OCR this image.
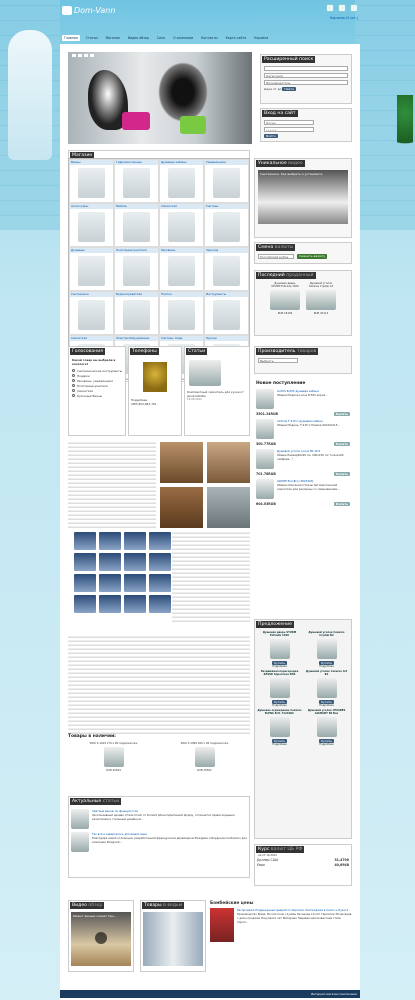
Dom-Vann
Корзина (0 шт.)
Главная	Статьи	Магазин	Видео обзор	Сила	О компании	Контакты	Карта сайта	Корзина
Расширенный поиск
Категория
Производитель
Цена от до Найти
Вход на сайт
Логин
••••••
Войти
Магазин
Ванны	Гидромассажные	Душевые кабины	Умывальники
Аксессуары	Мебель	Смесители	Унитазы
Душевые	Полотенцесушители	Раковины	Зеркала
Сантехника	Водонагреватели	Плитка	Инструменты
Смесители	Электрооборудование	Унитазы, биде	Прочее
Уникальное видео
Сантехника. Как выбрать и установить
Смена валюты
Российский рубль	Сменить валюту
Последний проданный
Душевая дверь STURM Entrada 1400
RUB 18169
Душевой уголок Cezares Crystal A3
RUB 45113
Голосования
Какой товар вы выбрали в каталоге?
Сантехнические инструменты
Подарки
Раковины, умывальники
Полотенцесушители
Смесители
Кухонные Ванны
Телефоны
Подробнее
(987)452-843-761
Статьи
Комплектный смеситель для кухни от Jacob Delafon
19.09.2012
Производитель товаров
Выбрать
Новое поступление
LUXUS B-505 душевая кабина
Общие Модель:Luxus B-505 акрил...
3501.24RUB	Купить
Victoria F-215 С душевая кабина
Общие Модель: F-215 С Размер 90x90x215...
300.77RUB	Купить
Душевой уголок Luxus 85-10 б
Общие Размер90x90 см, 200x150 см "Luxus190 сейфера..."
701.78RUB	Купить
GROHE EuroEco (3623390)
Общие Описание:Отказы Автоматический смеситель для раковины со смешиванием...
604.03RUB	Купить
Предложение
Душевая дверь STURM Entrada 1400
Купить
Подробнее
Душевой уголок Cezares Crystal B2
Купить
Подробнее
Раздвижная перегородка RAVAK Supernova DSS
Купить
Подробнее
Душевой уголок Cezares Art B2
Купить
Подробнее
Душевое ограждение Cezares ELENA B-TL 7221SDC
Купить
Подробнее
Душевой уголок CEZARES GIAMANT 80 Box
Купить
Подробнее
Товары в наличии:
SWO Х-1919 170 x 90 гидромассаж
RUB 45624
SWO Х-1999 160 x 90 гидромассаж
RUB 39551
Актуальные статьи
Светлые ванны по фэншуистски
Эксклюзивный дизайн Стали Crush от Duravit рбинспиративной форму, отличается превосходными качествами и стильным дизайном...
Так всё и завертелось для ваших ванн
Благодаря новой коллекции, разработанной французским дизайнером Plexiglass и Бордоном Carbolexin для компании Paulgrant...
Курс валют ЦБ РФ
на 27.10.2012
Доллар США	31,4700
Евро	40,6948
Видео обзор
Ремонт ванных комнат Сан...
Товары в ведьм
Бомбейские цены
Распродажа Подержанных дверей по Кирпичи. Распродажа в Санто и Пуэнта
Производство Дома, Россия Сочи службы Не менее 10 лет Гарантия 36 месяцев с даты продажи Покупаете лет Материал Лицевая малоизвестная сталь пороп...
Интернет-магазин Сантехники
